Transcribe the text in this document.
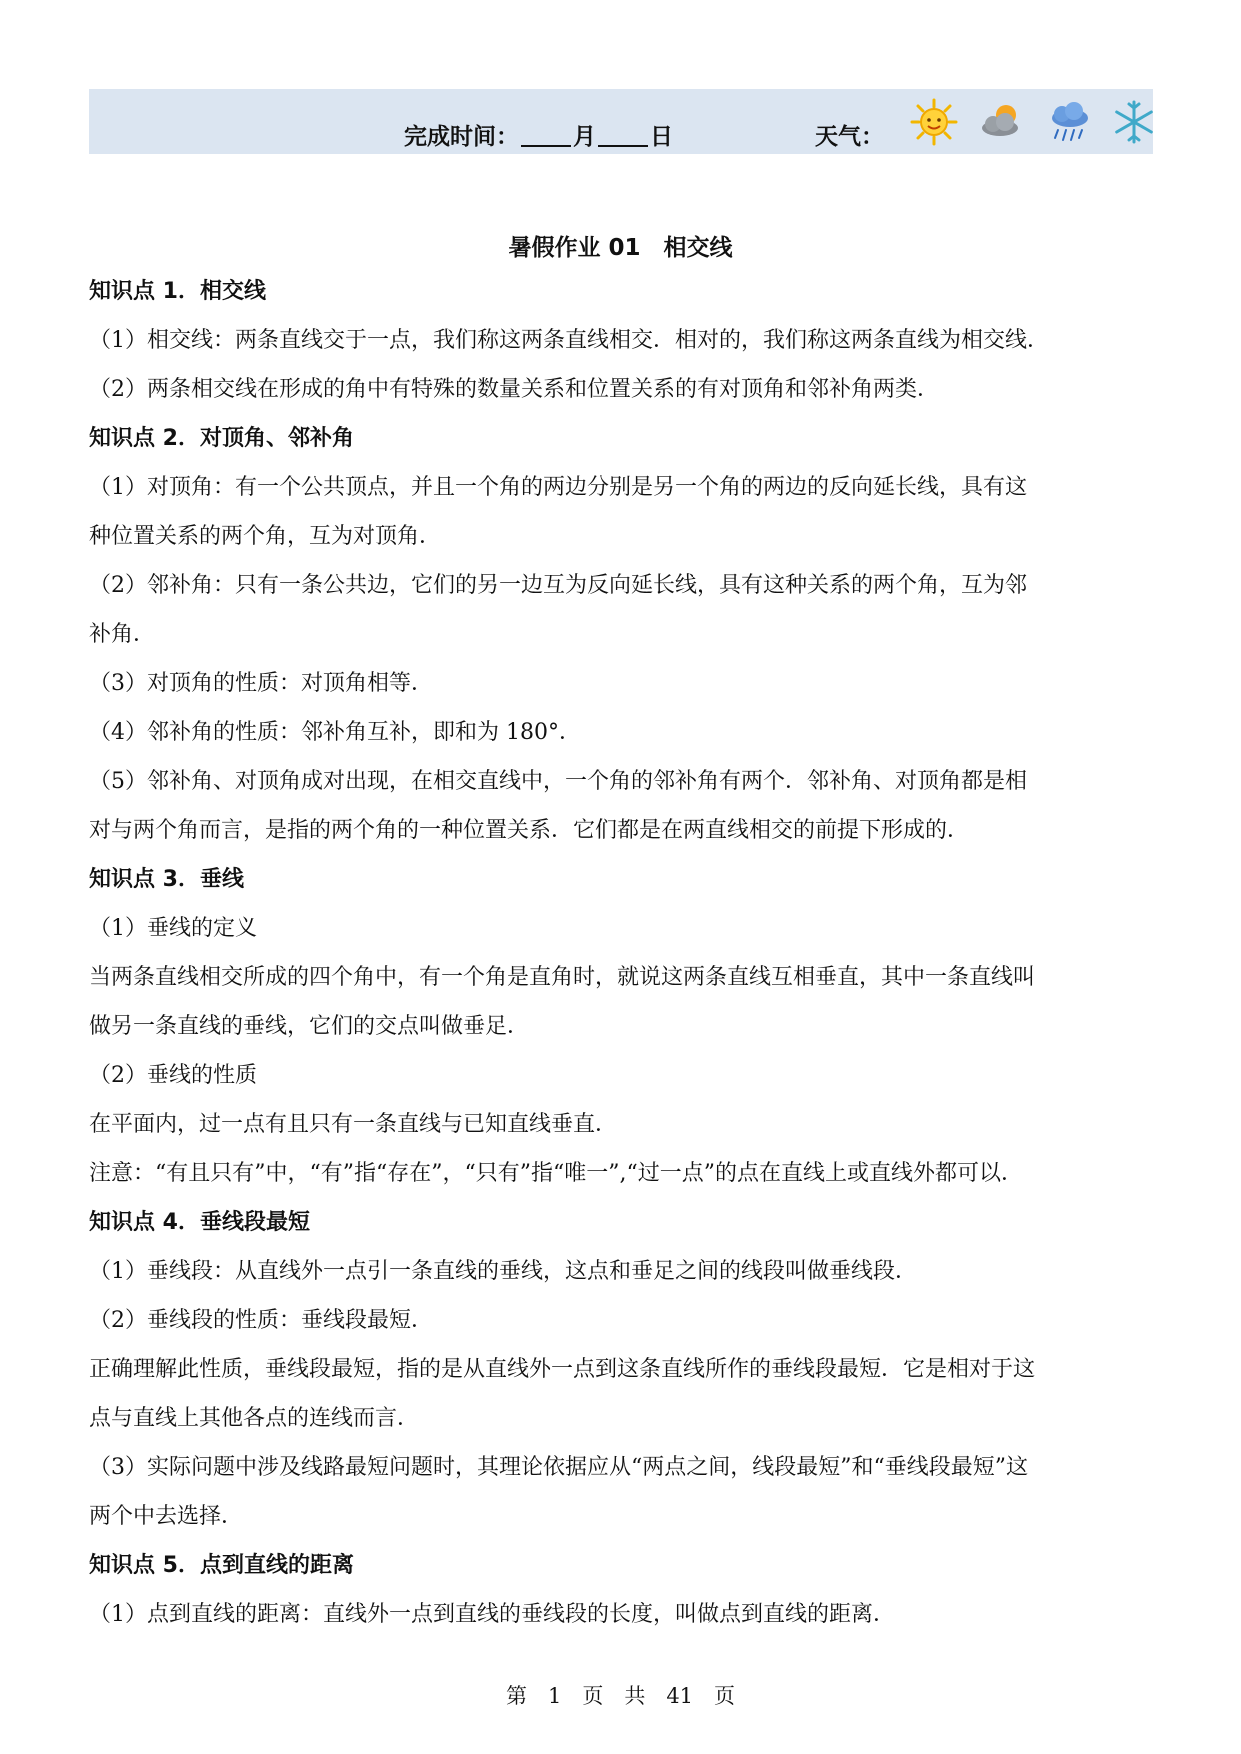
完成时间： 月 日	天气：
暑假作业 01　相交线
知识点 1．相交线
（1）相交线：两条直线交于一点，我们称这两条直线相交．相对的，我们称这两条直线为相交线．
（2）两条相交线在形成的角中有特殊的数量关系和位置关系的有对顶角和邻补角两类．
知识点 2．对顶角、邻补角
（1）对顶角：有一个公共顶点，并且一个角的两边分别是另一个角的两边的反向延长线，具有这
种位置关系的两个角，互为对顶角．
（2）邻补角：只有一条公共边，它们的另一边互为反向延长线，具有这种关系的两个角，互为邻
补角．
（3）对顶角的性质：对顶角相等．
（4）邻补角的性质：邻补角互补，即和为 180°．
（5）邻补角、对顶角成对出现，在相交直线中，一个角的邻补角有两个．邻补角、对顶角都是相
对与两个角而言，是指的两个角的一种位置关系．它们都是在两直线相交的前提下形成的．
知识点 3．垂线
（1）垂线的定义
当两条直线相交所成的四个角中，有一个角是直角时，就说这两条直线互相垂直，其中一条直线叫
做另一条直线的垂线，它们的交点叫做垂足．
（2）垂线的性质
在平面内，过一点有且只有一条直线与已知直线垂直．
注意：“有且只有”中，“有”指“存在”，“只有”指“唯一”,“过一点”的点在直线上或直线外都可以．
知识点 4．垂线段最短
（1）垂线段：从直线外一点引一条直线的垂线，这点和垂足之间的线段叫做垂线段．
（2）垂线段的性质：垂线段最短．
正确理解此性质，垂线段最短，指的是从直线外一点到这条直线所作的垂线段最短．它是相对于这
点与直线上其他各点的连线而言．
（3）实际问题中涉及线路最短问题时，其理论依据应从“两点之间，线段最短”和“垂线段最短”这
两个中去选择．
知识点 5．点到直线的距离
（1）点到直线的距离：直线外一点到直线的垂线段的长度，叫做点到直线的距离．
第　1　页　共　41　页
